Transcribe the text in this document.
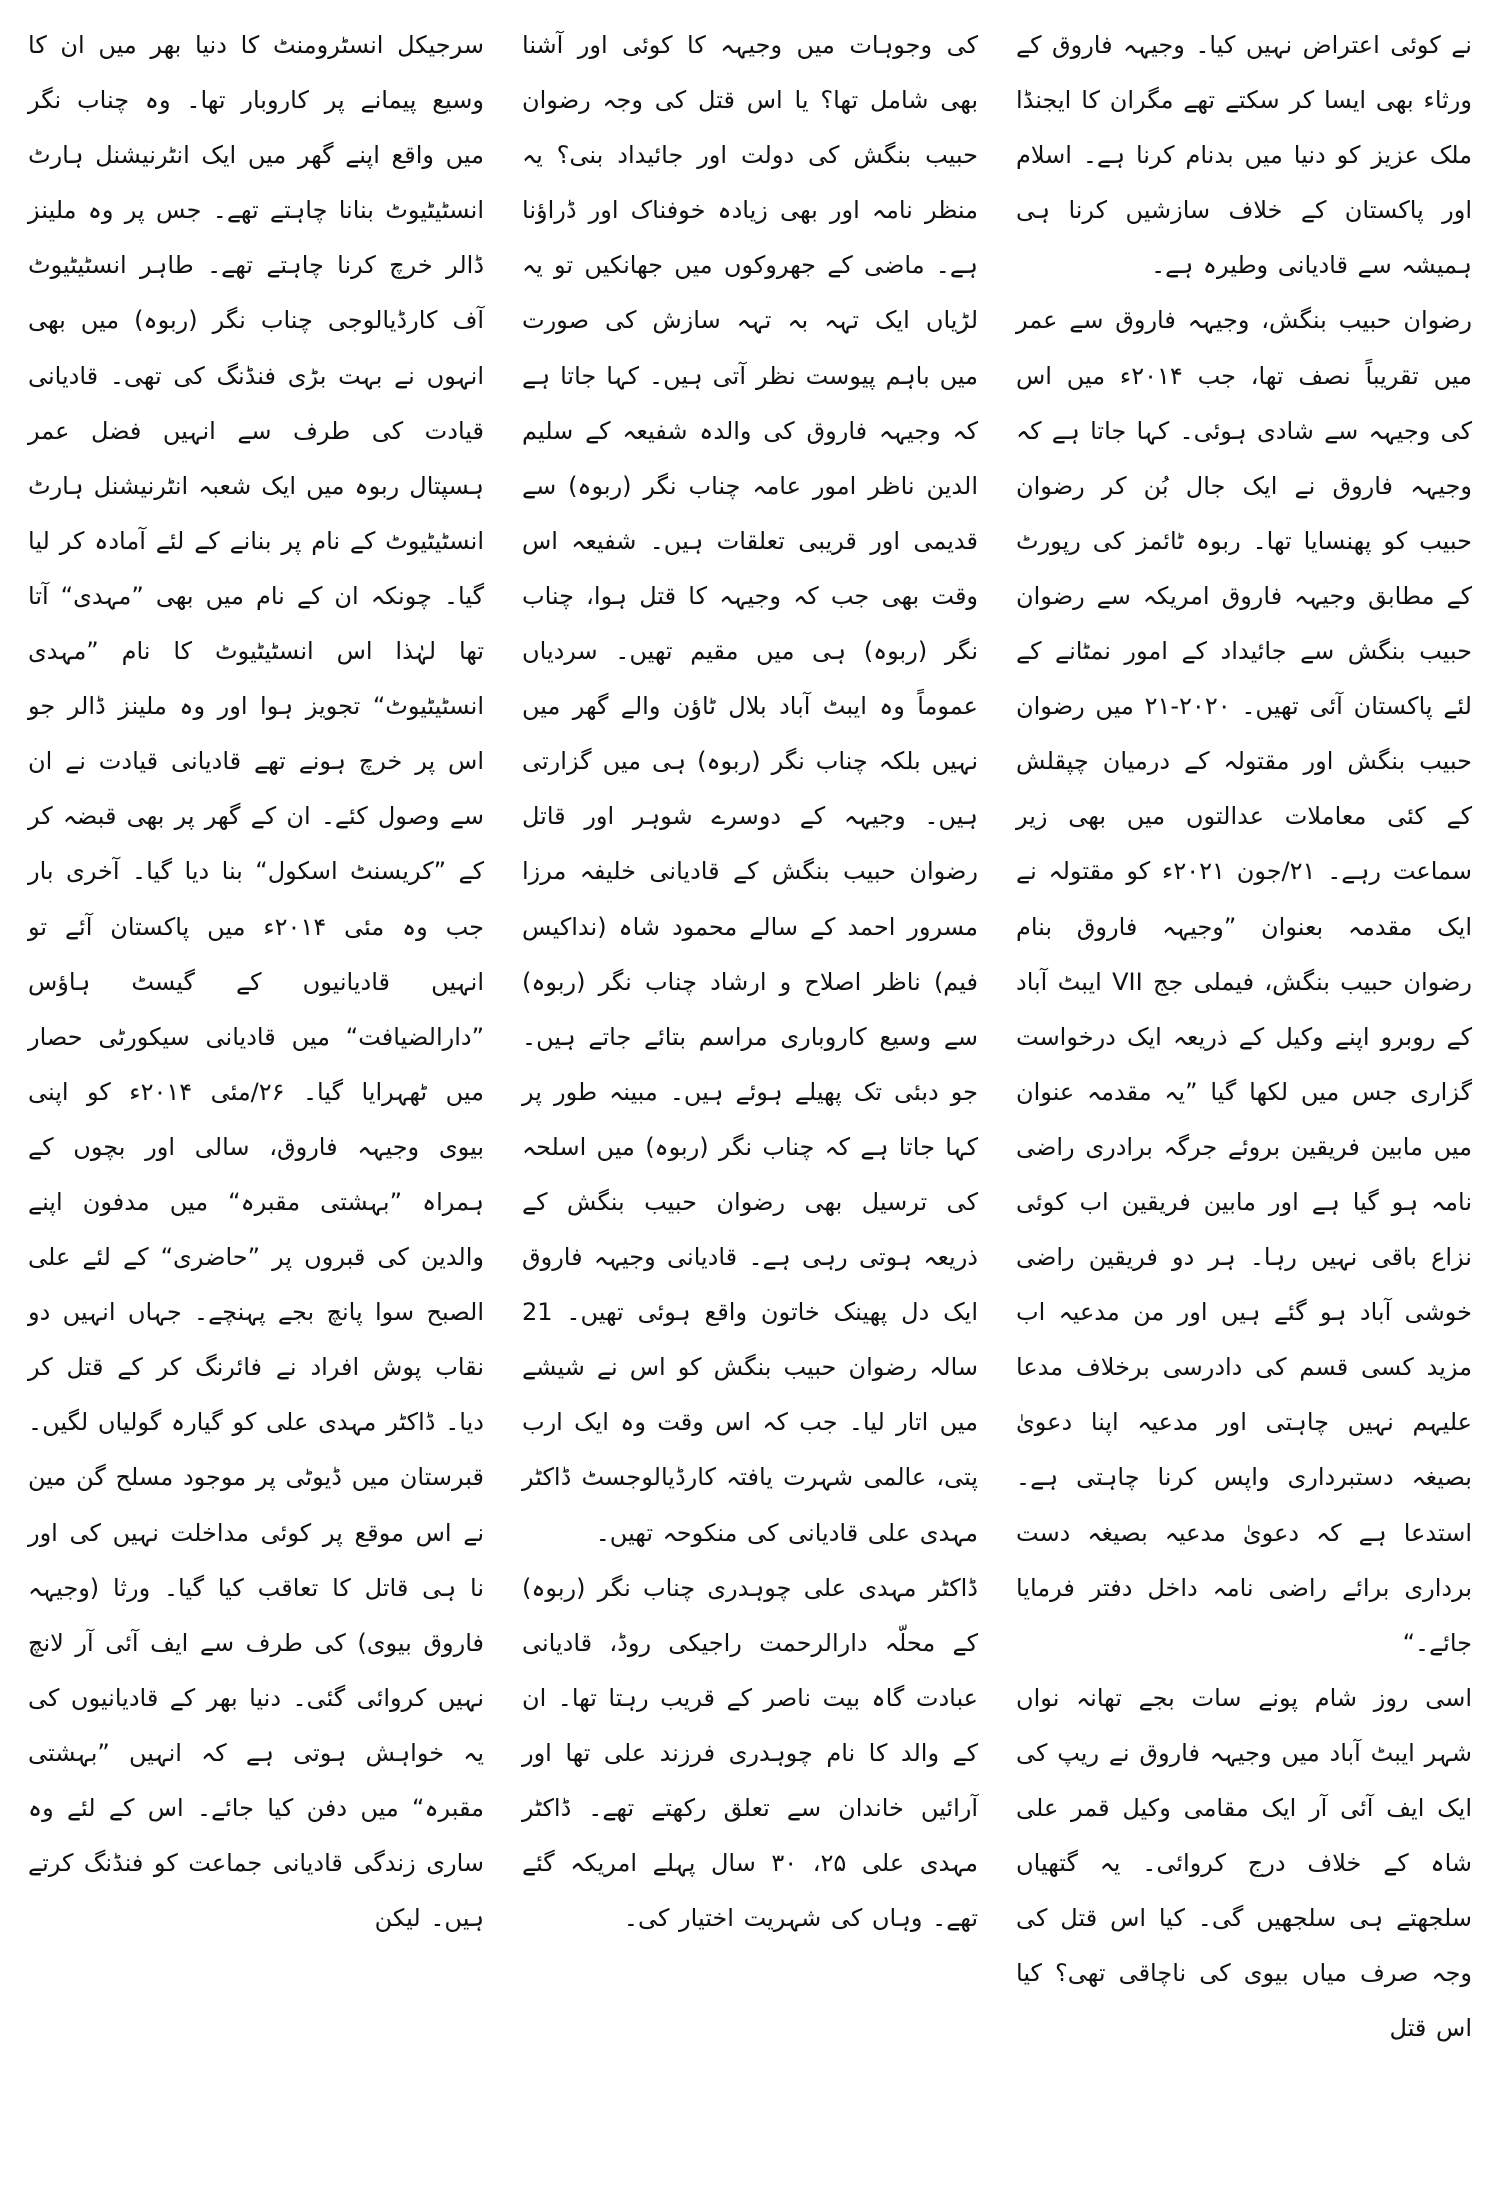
نے کوئی اعتراض نہیں کیا۔ وجیہہ فاروق کے ورثاء بھی ایسا کر سکتے تھے مگران کا ایجنڈا ملک عزیز کو دنیا میں بدنام کرنا ہے۔ اسلام اور پاکستان کے خلاف سازشیں کرنا ہی ہمیشہ سے قادیانی وطیرہ ہے۔
رضوان حبیب بنگش، وجیہہ فاروق سے عمر میں تقریباً نصف تھا، جب ۲۰۱۴ء میں اس کی وجیہہ سے شادی ہوئی۔ کہا جاتا ہے کہ وجیہہ فاروق نے ایک جال بُن کر رضوان حبیب کو پھنسایا تھا۔ ربوہ ٹائمز کی رپورٹ کے مطابق وجیہہ فاروق امریکہ سے رضوان حبیب بنگش سے جائیداد کے امور نمٹانے کے لئے پاکستان آئی تھیں۔ ۲۰۲۰-۲۱ میں رضوان حبیب بنگش اور مقتولہ کے درمیان چپقلش کے کئی معاملات عدالتوں میں بھی زیر سماعت رہے۔ ۲۱/جون ۲۰۲۱ء کو مقتولہ نے ایک مقدمہ بعنوان ”وجیہہ فاروق بنام رضوان حبیب بنگش، فیملی جج VII ایبٹ آباد کے روبرو اپنے وکیل کے ذریعہ ایک درخواست گزاری جس میں لکھا گیا ”یہ مقدمہ عنوان میں مابین فریقین بروئے جرگہ برادری راضی نامہ ہو گیا ہے اور مابین فریقین اب کوئی نزاع باقی نہیں رہا۔ ہر دو فریقین راضی خوشی آباد ہو گئے ہیں اور من مدعیہ اب مزید کسی قسم کی دادرسی برخلاف مدعا علیہم نہیں چاہتی اور مدعیہ اپنا دعویٰ بصیغہ دستبرداری واپس کرنا چاہتی ہے۔ استدعا ہے کہ دعویٰ مدعیہ بصیغہ دست برداری برائے راضی نامہ داخل دفتر فرمایا جائے۔“
اسی روز شام پونے سات بجے تھانہ نواں شہر ایبٹ آباد میں وجیہہ فاروق نے ریپ کی ایک ایف آئی آر ایک مقامی وکیل قمر علی شاہ کے خلاف درج کروائی۔ یہ گتھیاں سلجھتے ہی سلجھیں گی۔ کیا اس قتل کی وجہ صرف میاں بیوی کی ناچاقی تھی؟ کیا اس قتل
کی وجوہات میں وجیہہ کا کوئی اور آشنا بھی شامل تھا؟ یا اس قتل کی وجہ رضوان حبیب بنگش کی دولت اور جائیداد بنی؟ یہ منظر نامہ اور بھی زیادہ خوفناک اور ڈراؤنا ہے۔ ماضی کے جھروکوں میں جھانکیں تو یہ لڑیاں ایک تہہ بہ تہہ سازش کی صورت میں باہم پیوست نظر آتی ہیں۔ کہا جاتا ہے کہ وجیہہ فاروق کی والدہ شفیعہ کے سلیم الدین ناظر امور عامہ چناب نگر (ربوہ) سے قدیمی اور قریبی تعلقات ہیں۔ شفیعہ اس وقت بھی جب کہ وجیہہ کا قتل ہوا، چناب نگر (ربوہ) ہی میں مقیم تھیں۔ سردیاں عموماً وہ ایبٹ آباد بلال ٹاؤن والے گھر میں نہیں بلکہ چناب نگر (ربوہ) ہی میں گزارتی ہیں۔ وجیہہ کے دوسرے شوہر اور قاتل رضوان حبیب بنگش کے قادیانی خلیفہ مرزا مسرور احمد کے سالے محمود شاہ (نداکیس فیم) ناظر اصلاح و ارشاد چناب نگر (ربوہ) سے وسیع کاروباری مراسم بتائے جاتے ہیں۔ جو دبئی تک پھیلے ہوئے ہیں۔ مبینہ طور پر کہا جاتا ہے کہ چناب نگر (ربوہ) میں اسلحہ کی ترسیل بھی رضوان حبیب بنگش کے ذریعہ ہوتی رہی ہے۔ قادیانی وجیہہ فاروق ایک دل پھینک خاتون واقع ہوئی تھیں۔ 21 سالہ رضوان حبیب بنگش کو اس نے شیشے میں اتار لیا۔ جب کہ اس وقت وہ ایک ارب پتی، عالمی شہرت یافتہ کارڈیالوجسٹ ڈاکٹر مہدی علی قادیانی کی منکوحہ تھیں۔
ڈاکٹر مہدی علی چوہدری چناب نگر (ربوہ) کے محلّہ دارالرحمت راجیکی روڈ، قادیانی عبادت گاہ بیت ناصر کے قریب رہتا تھا۔ ان کے والد کا نام چوہدری فرزند علی تھا اور آرائیں خاندان سے تعلق رکھتے تھے۔ ڈاکٹر مہدی علی ۲۵، ۳۰ سال پہلے امریکہ گئے تھے۔ وہاں کی شہریت اختیار کی۔
سرجیکل انسٹرومنٹ کا دنیا بھر میں ان کا وسیع پیمانے پر کاروبار تھا۔ وہ چناب نگر میں واقع اپنے گھر میں ایک انٹرنیشنل ہارٹ انسٹیٹیوٹ بنانا چاہتے تھے۔ جس پر وہ ملینز ڈالر خرچ کرنا چاہتے تھے۔ طاہر انسٹیٹیوٹ آف کارڈیالوجی چناب نگر (ربوہ) میں بھی انہوں نے بہت بڑی فنڈنگ کی تھی۔ قادیانی قیادت کی طرف سے انہیں فضل عمر ہسپتال ربوہ میں ایک شعبہ انٹرنیشنل ہارٹ انسٹیٹیوٹ کے نام پر بنانے کے لئے آمادہ کر لیا گیا۔ چونکہ ان کے نام میں بھی ”مہدی“ آتا تھا لہٰذا اس انسٹیٹیوٹ کا نام ”مہدی انسٹیٹیوٹ“ تجویز ہوا اور وہ ملینز ڈالر جو اس پر خرچ ہونے تھے قادیانی قیادت نے ان سے وصول کئے۔ ان کے گھر پر بھی قبضہ کر کے ”کریسنٹ اسکول“ بنا دیا گیا۔ آخری بار جب وہ مئی ۲۰۱۴ء میں پاکستان آئے تو انہیں قادیانیوں کے گیسٹ ہاؤس ”دارالضیافت“ میں قادیانی سیکورٹی حصار میں ٹھہرایا گیا۔ ۲۶/مئی ۲۰۱۴ء کو اپنی بیوی وجیہہ فاروق، سالی اور بچوں کے ہمراہ ”بہشتی مقبرہ“ میں مدفون اپنے والدین کی قبروں پر ”حاضری“ کے لئے علی الصبح سوا پانچ بجے پہنچے۔ جہاں انہیں دو نقاب پوش افراد نے فائرنگ کر کے قتل کر دیا۔ ڈاکٹر مہدی علی کو گیارہ گولیاں لگیں۔ قبرستان میں ڈیوٹی پر موجود مسلح گن مین نے اس موقع پر کوئی مداخلت نہیں کی اور نا ہی قاتل کا تعاقب کیا گیا۔ ورثا (وجیہہ فاروق بیوی) کی طرف سے ایف آئی آر لانچ نہیں کروائی گئی۔ دنیا بھر کے قادیانیوں کی یہ خواہش ہوتی ہے کہ انہیں ”بہشتی مقبرہ“ میں دفن کیا جائے۔ اس کے لئے وہ ساری زندگی قادیانی جماعت کو فنڈنگ کرتے ہیں۔ لیکن
